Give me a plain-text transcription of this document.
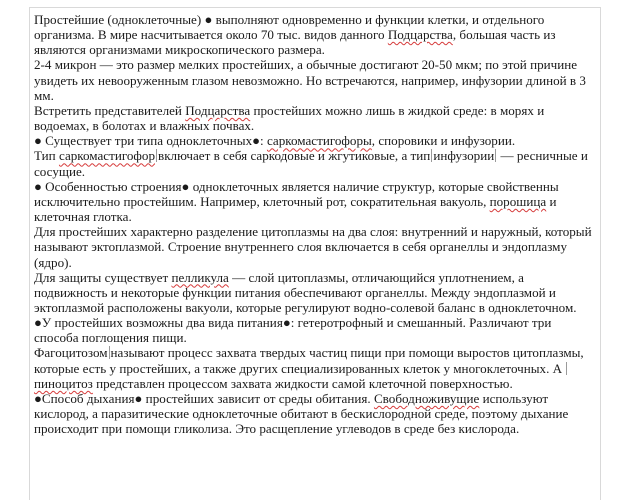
Простейшие (одноклеточные) ● выполняют одновременно и функции клетки, и отдельного организма. В мире насчитывается около 70 тыс. видов данного Подцарства, большая часть из являются организмами микроскопического размера.
2-4 микрон — это размер мелких простейших, а обычные достигают 20-50 мкм; по этой причине увидеть их невооруженным глазом невозможно. Но встречаются, например, инфузории длиной в 3 мм.
Встретить представителей Подцарства простейших можно лишь в жидкой среде: в морях и водоемах, в болотах и влажных почвах.
● Существует три типа одноклеточных●: саркомастигофоры, споровики и инфузории.
Тип саркомастигофор включает в себя саркодовые и жгутиковые, а тип инфузории — ресничные и сосущие.
● Особенностью строения● одноклеточных является наличие структур, которые свойственны исключительно простейшим. Например, клеточный рот, сократительная вакуоль, порошица и клеточная глотка.
Для простейших характерно разделение цитоплазмы на два слоя: внутренний и наружный, который называют эктоплазмой. Строение внутреннего слоя включается в себя органеллы и эндоплазму (ядро).
Для защиты существует пелликула — слой цитоплазмы, отличающийся уплотнением, а подвижность и некоторые функции питания обеспечивают органеллы. Между эндоплазмой и эктоплазмой расположены вакуоли, которые регулируют водно-солевой баланс в одноклеточном.
●У простейших возможны два вида питания●: гетеротрофный и смешанный. Различают три способа поглощения пищи.
Фагоцитозом называют процесс захвата твердых частиц пищи при помощи выростов цитоплазмы, которые есть у простейших, а также других специализированных клеток у многоклеточных. А пиноцитоз представлен процессом захвата жидкости самой клеточной поверхностью.
●Способ дыхания● простейших зависит от среды обитания. Свободноживущие используют кислород, а паразитические одноклеточные обитают в бескислородной среде, поэтому дыхание происходит при помощи гликолиза. Это расщепление углеводов в среде без кислорода.
